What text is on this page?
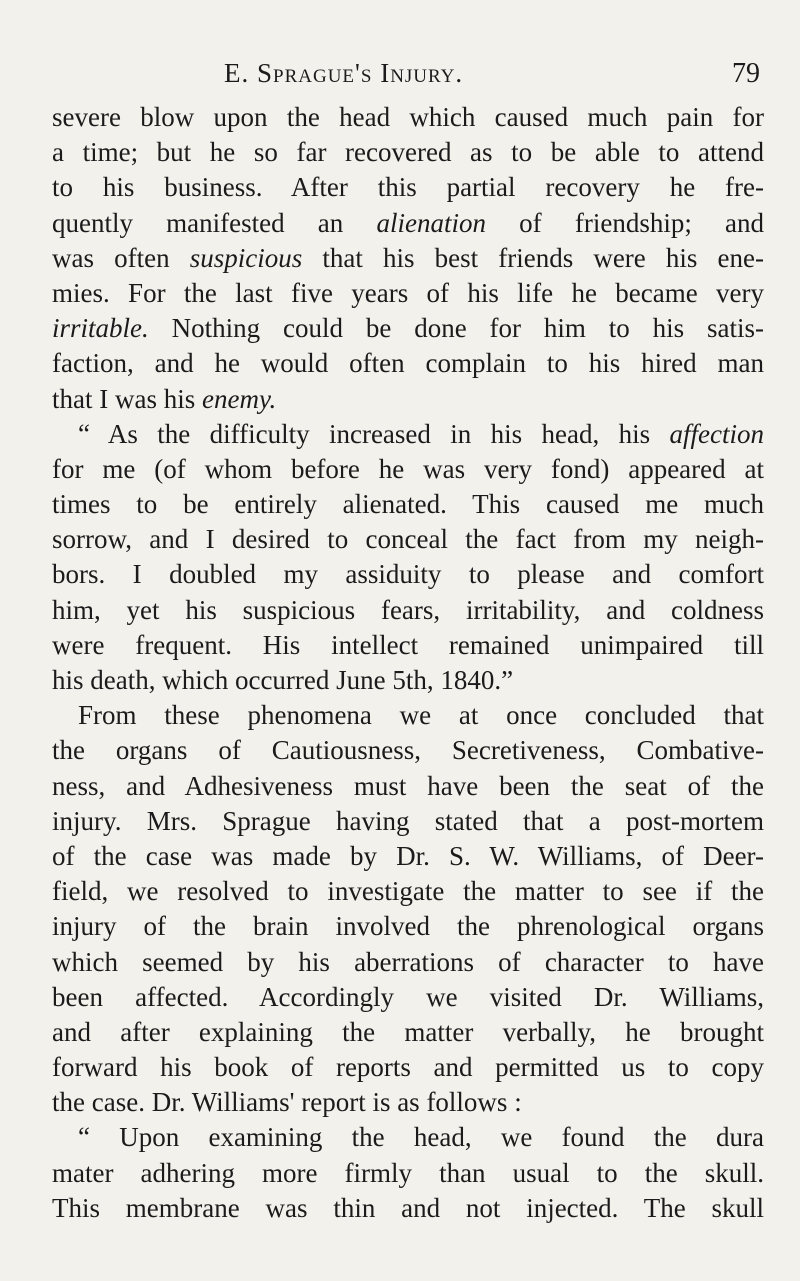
E. Sprague's Injury.	79
severe blow upon the head which caused much pain for
a time; but he so far recovered as to be able to attend
to his business. After this partial recovery he fre-
quently manifested an alienation of friendship; and
was often suspicious that his best friends were his ene-
mies. For the last five years of his life he became very
irritable. Nothing could be done for him to his satis-
faction, and he would often complain to his hired man
that I was his enemy.
“ As the difficulty increased in his head, his affection
for me (of whom before he was very fond) appeared at
times to be entirely alienated. This caused me much
sorrow, and I desired to conceal the fact from my neigh-
bors. I doubled my assiduity to please and comfort
him, yet his suspicious fears, irritability, and coldness
were frequent. His intellect remained unimpaired till
his death, which occurred June 5th, 1840.”
From these phenomena we at once concluded that
the organs of Cautiousness, Secretiveness, Combative-
ness, and Adhesiveness must have been the seat of the
injury. Mrs. Sprague having stated that a post-mortem
of the case was made by Dr. S. W. Williams, of Deer-
field, we resolved to investigate the matter to see if the
injury of the brain involved the phrenological organs
which seemed by his aberrations of character to have
been affected. Accordingly we visited Dr. Williams,
and after explaining the matter verbally, he brought
forward his book of reports and permitted us to copy
the case. Dr. Williams' report is as follows :
“ Upon examining the head, we found the dura
mater adhering more firmly than usual to the skull.
This membrane was thin and not injected. The skull
